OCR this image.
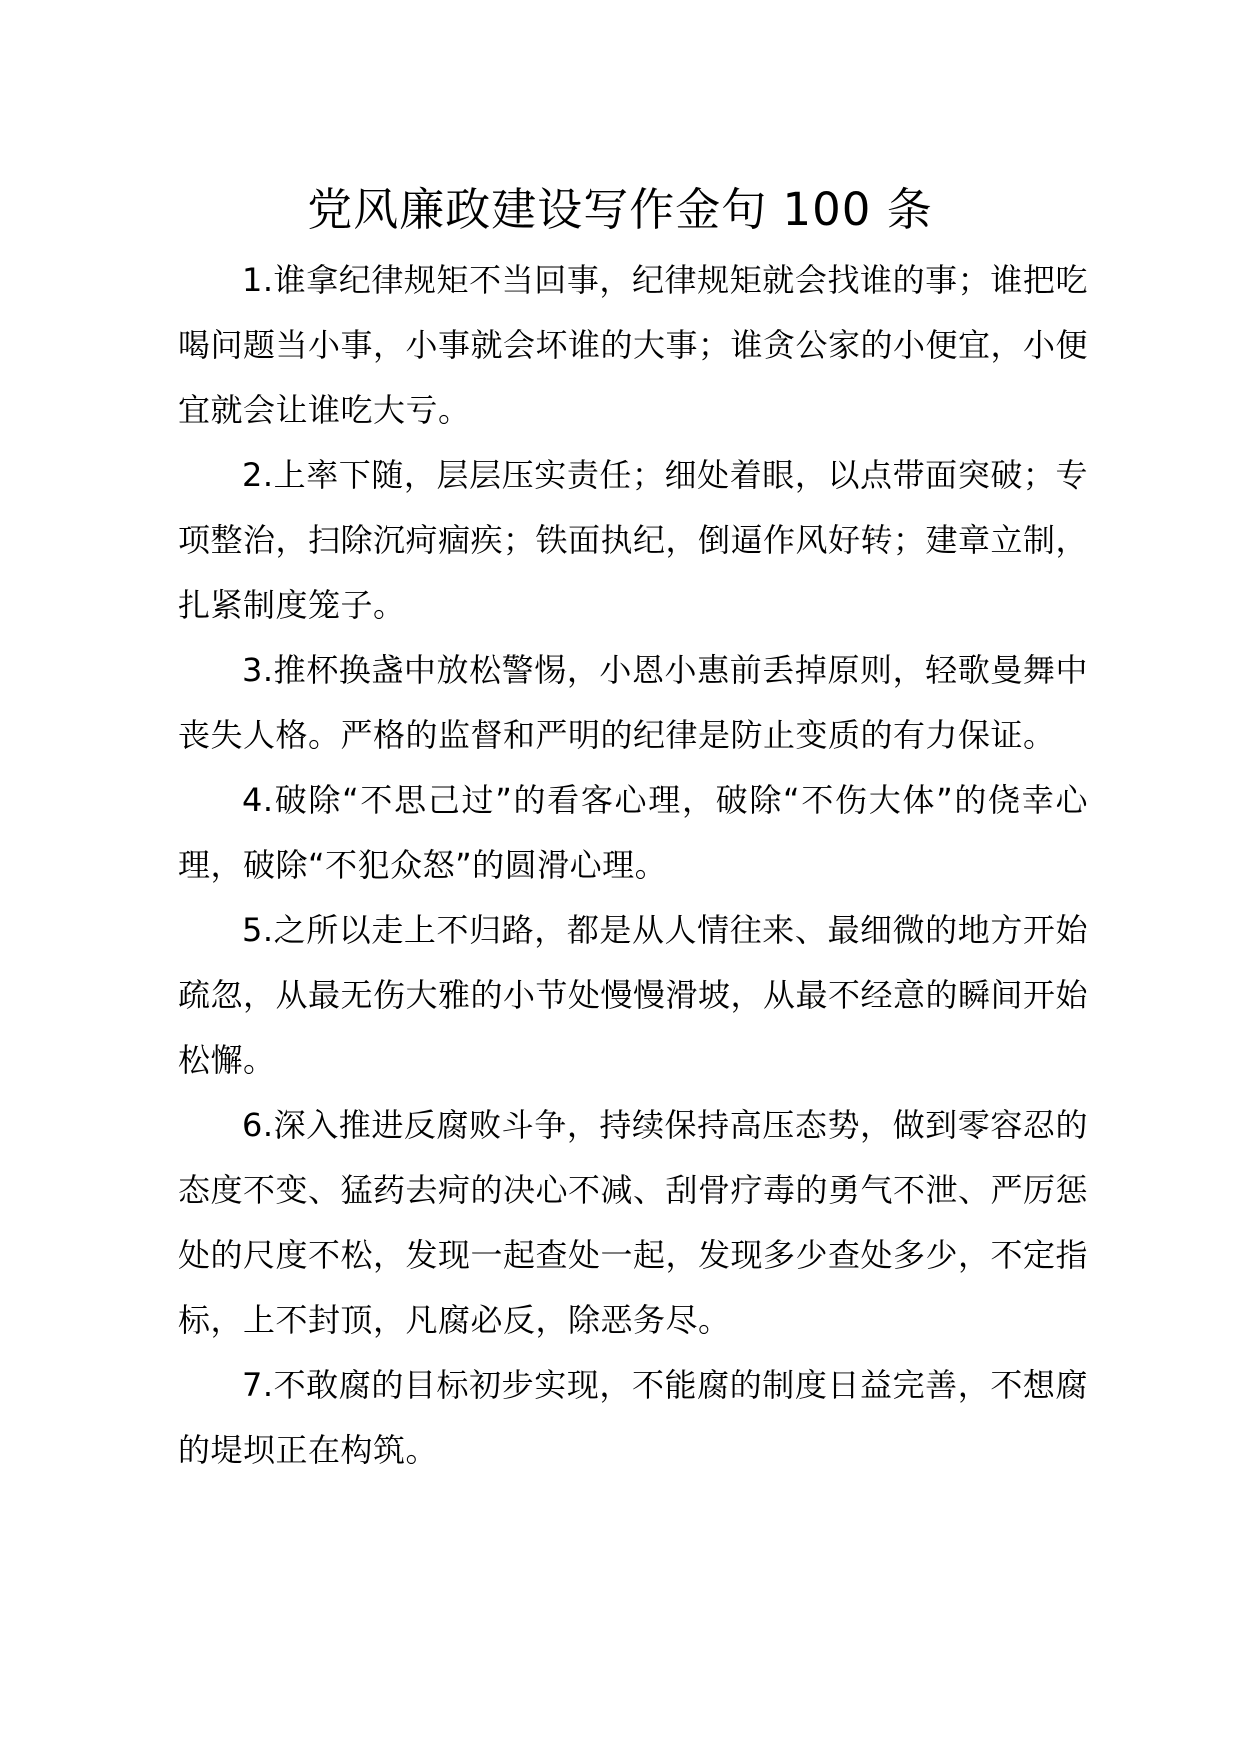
党风廉政建设写作金句 100 条

1.谁拿纪律规矩不当回事，纪律规矩就会找谁的事；谁把吃喝问题当小事，小事就会坏谁的大事；谁贪公家的小便宜，小便宜就会让谁吃大亏。

2.上率下随，层层压实责任；细处着眼，以点带面突破；专项整治，扫除沉疴痼疾；铁面执纪，倒逼作风好转；建章立制，扎紧制度笼子。

3.推杯换盏中放松警惕，小恩小惠前丢掉原则，轻歌曼舞中丧失人格。严格的监督和严明的纪律是防止变质的有力保证。

4.破除“不思己过”的看客心理，破除“不伤大体”的侥幸心理，破除“不犯众怒”的圆滑心理。

5.之所以走上不归路，都是从人情往来、最细微的地方开始疏忽，从最无伤大雅的小节处慢慢滑坡，从最不经意的瞬间开始松懈。

6.深入推进反腐败斗争，持续保持高压态势，做到零容忍的态度不变、猛药去疴的决心不减、刮骨疗毒的勇气不泄、严厉惩处的尺度不松，发现一起查处一起，发现多少查处多少，不定指标，上不封顶，凡腐必反，除恶务尽。

7.不敢腐的目标初步实现，不能腐的制度日益完善，不想腐的堤坝正在构筑。
